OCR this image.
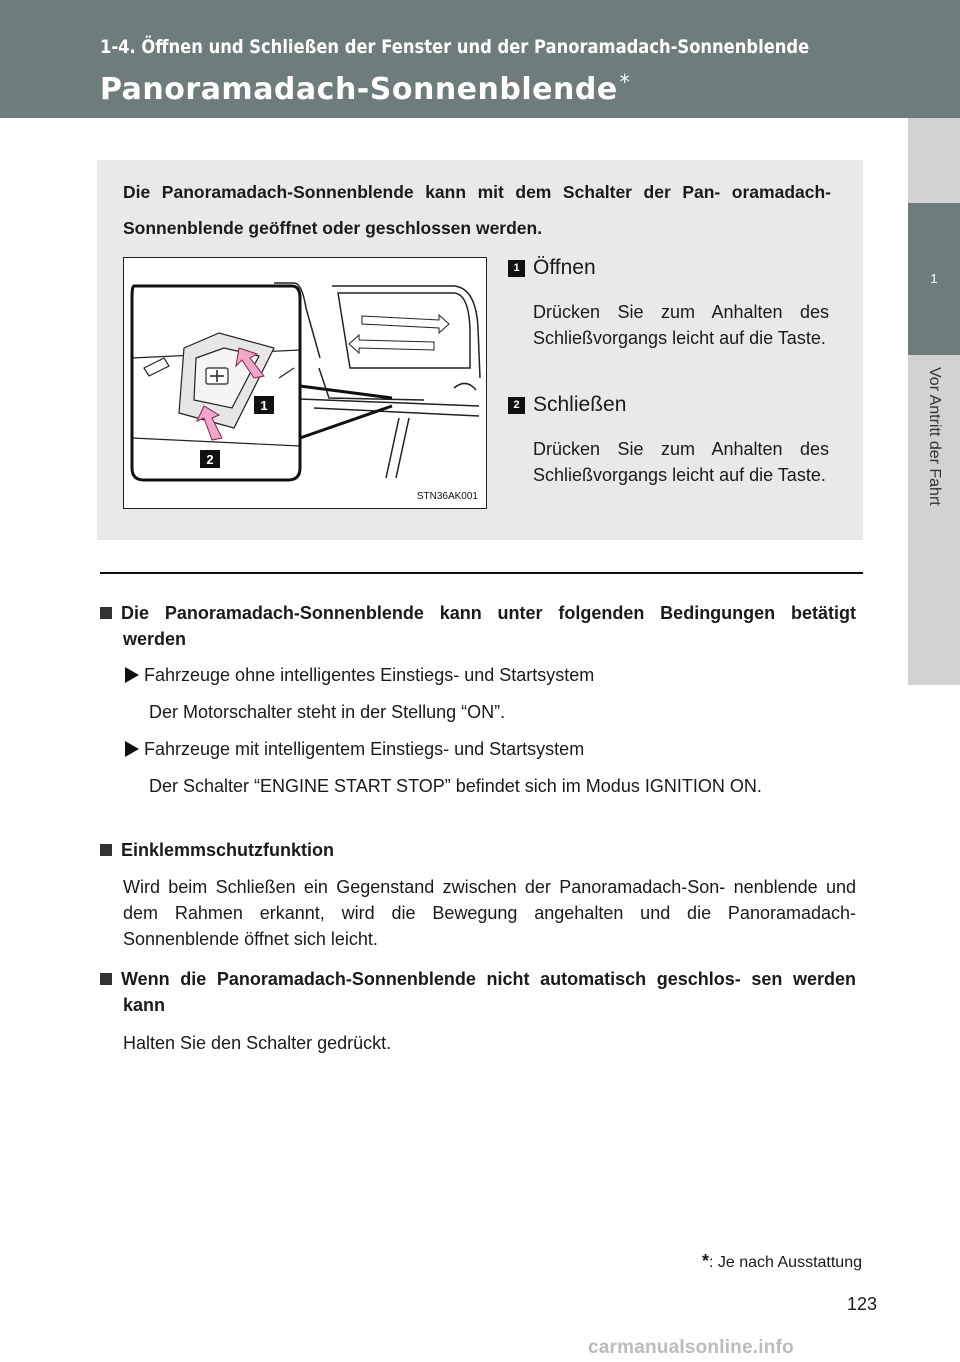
1-4. Öffnen und Schließen der Fenster und der Panoramadach-Sonnenblende
Panoramadach-Sonnenblende *
1
Vor Antritt der Fahrt
Die Panoramadach-Sonnenblende kann mit dem Schalter der Pan- oramadach-Sonnenblende geöffnet oder geschlossen werden.
1
2
STN36AK001
1 Öffnen
Drücken Sie zum Anhalten des Schließvorgangs leicht auf die Taste.
2 Schließen
Drücken Sie zum Anhalten des Schließvorgangs leicht auf die Taste.
Die Panoramadach-Sonnenblende kann unter folgenden Bedingungen betätigt werden
Fahrzeuge ohne intelligentes Einstiegs- und Startsystem
Der Motorschalter steht in der Stellung “ON”.
Fahrzeuge mit intelligentem Einstiegs- und Startsystem
Der Schalter “ENGINE START STOP” befindet sich im Modus IGNITION ON.
Einklemmschutzfunktion
Wird beim Schließen ein Gegenstand zwischen der Panoramadach-Son- nenblende und dem Rahmen erkannt, wird die Bewegung angehalten und die Panoramadach-Sonnenblende öffnet sich leicht.
Wenn die Panoramadach-Sonnenblende nicht automatisch geschlos- sen werden kann
Halten Sie den Schalter gedrückt.
*: Je nach Ausstattung
123
carmanualsonline.info
